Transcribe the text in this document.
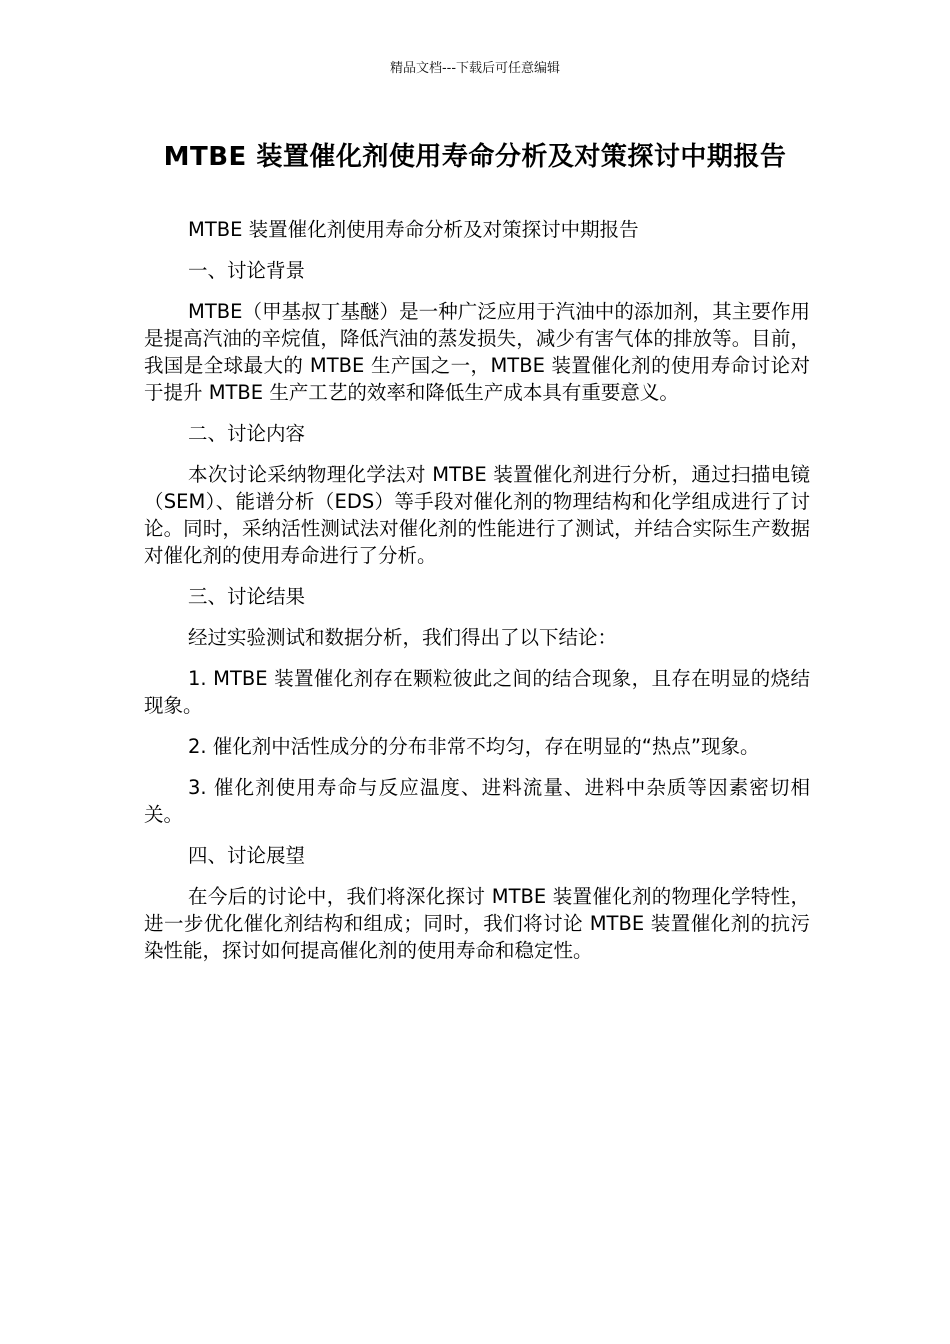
精品文档---下载后可任意编辑
MTBE 装置催化剂使用寿命分析及对策探讨中期报告

MTBE 装置催化剂使用寿命分析及对策探讨中期报告

一、讨论背景

MTBE（甲基叔丁基醚）是一种广泛应用于汽油中的添加剂，其主要作用是提高汽油的辛烷值，降低汽油的蒸发损失，减少有害气体的排放等。目前，我国是全球最大的 MTBE 生产国之一，MTBE 装置催化剂的使用寿命讨论对于提升 MTBE 生产工艺的效率和降低生产成本具有重要意义。

二、讨论内容

本次讨论采纳物理化学法对 MTBE 装置催化剂进行分析，通过扫描电镜（SEM）、能谱分析（EDS）等手段对催化剂的物理结构和化学组成进行了讨论。同时，采纳活性测试法对催化剂的性能进行了测试，并结合实际生产数据对催化剂的使用寿命进行了分析。

三、讨论结果

经过实验测试和数据分析，我们得出了以下结论：

1. MTBE 装置催化剂存在颗粒彼此之间的结合现象，且存在明显的烧结现象。

2. 催化剂中活性成分的分布非常不均匀，存在明显的“热点”现象。

3. 催化剂使用寿命与反应温度、进料流量、进料中杂质等因素密切相关。

四、讨论展望

在今后的讨论中，我们将深化探讨 MTBE 装置催化剂的物理化学特性，进一步优化催化剂结构和组成；同时，我们将讨论 MTBE 装置催化剂的抗污染性能，探讨如何提高催化剂的使用寿命和稳定性。
